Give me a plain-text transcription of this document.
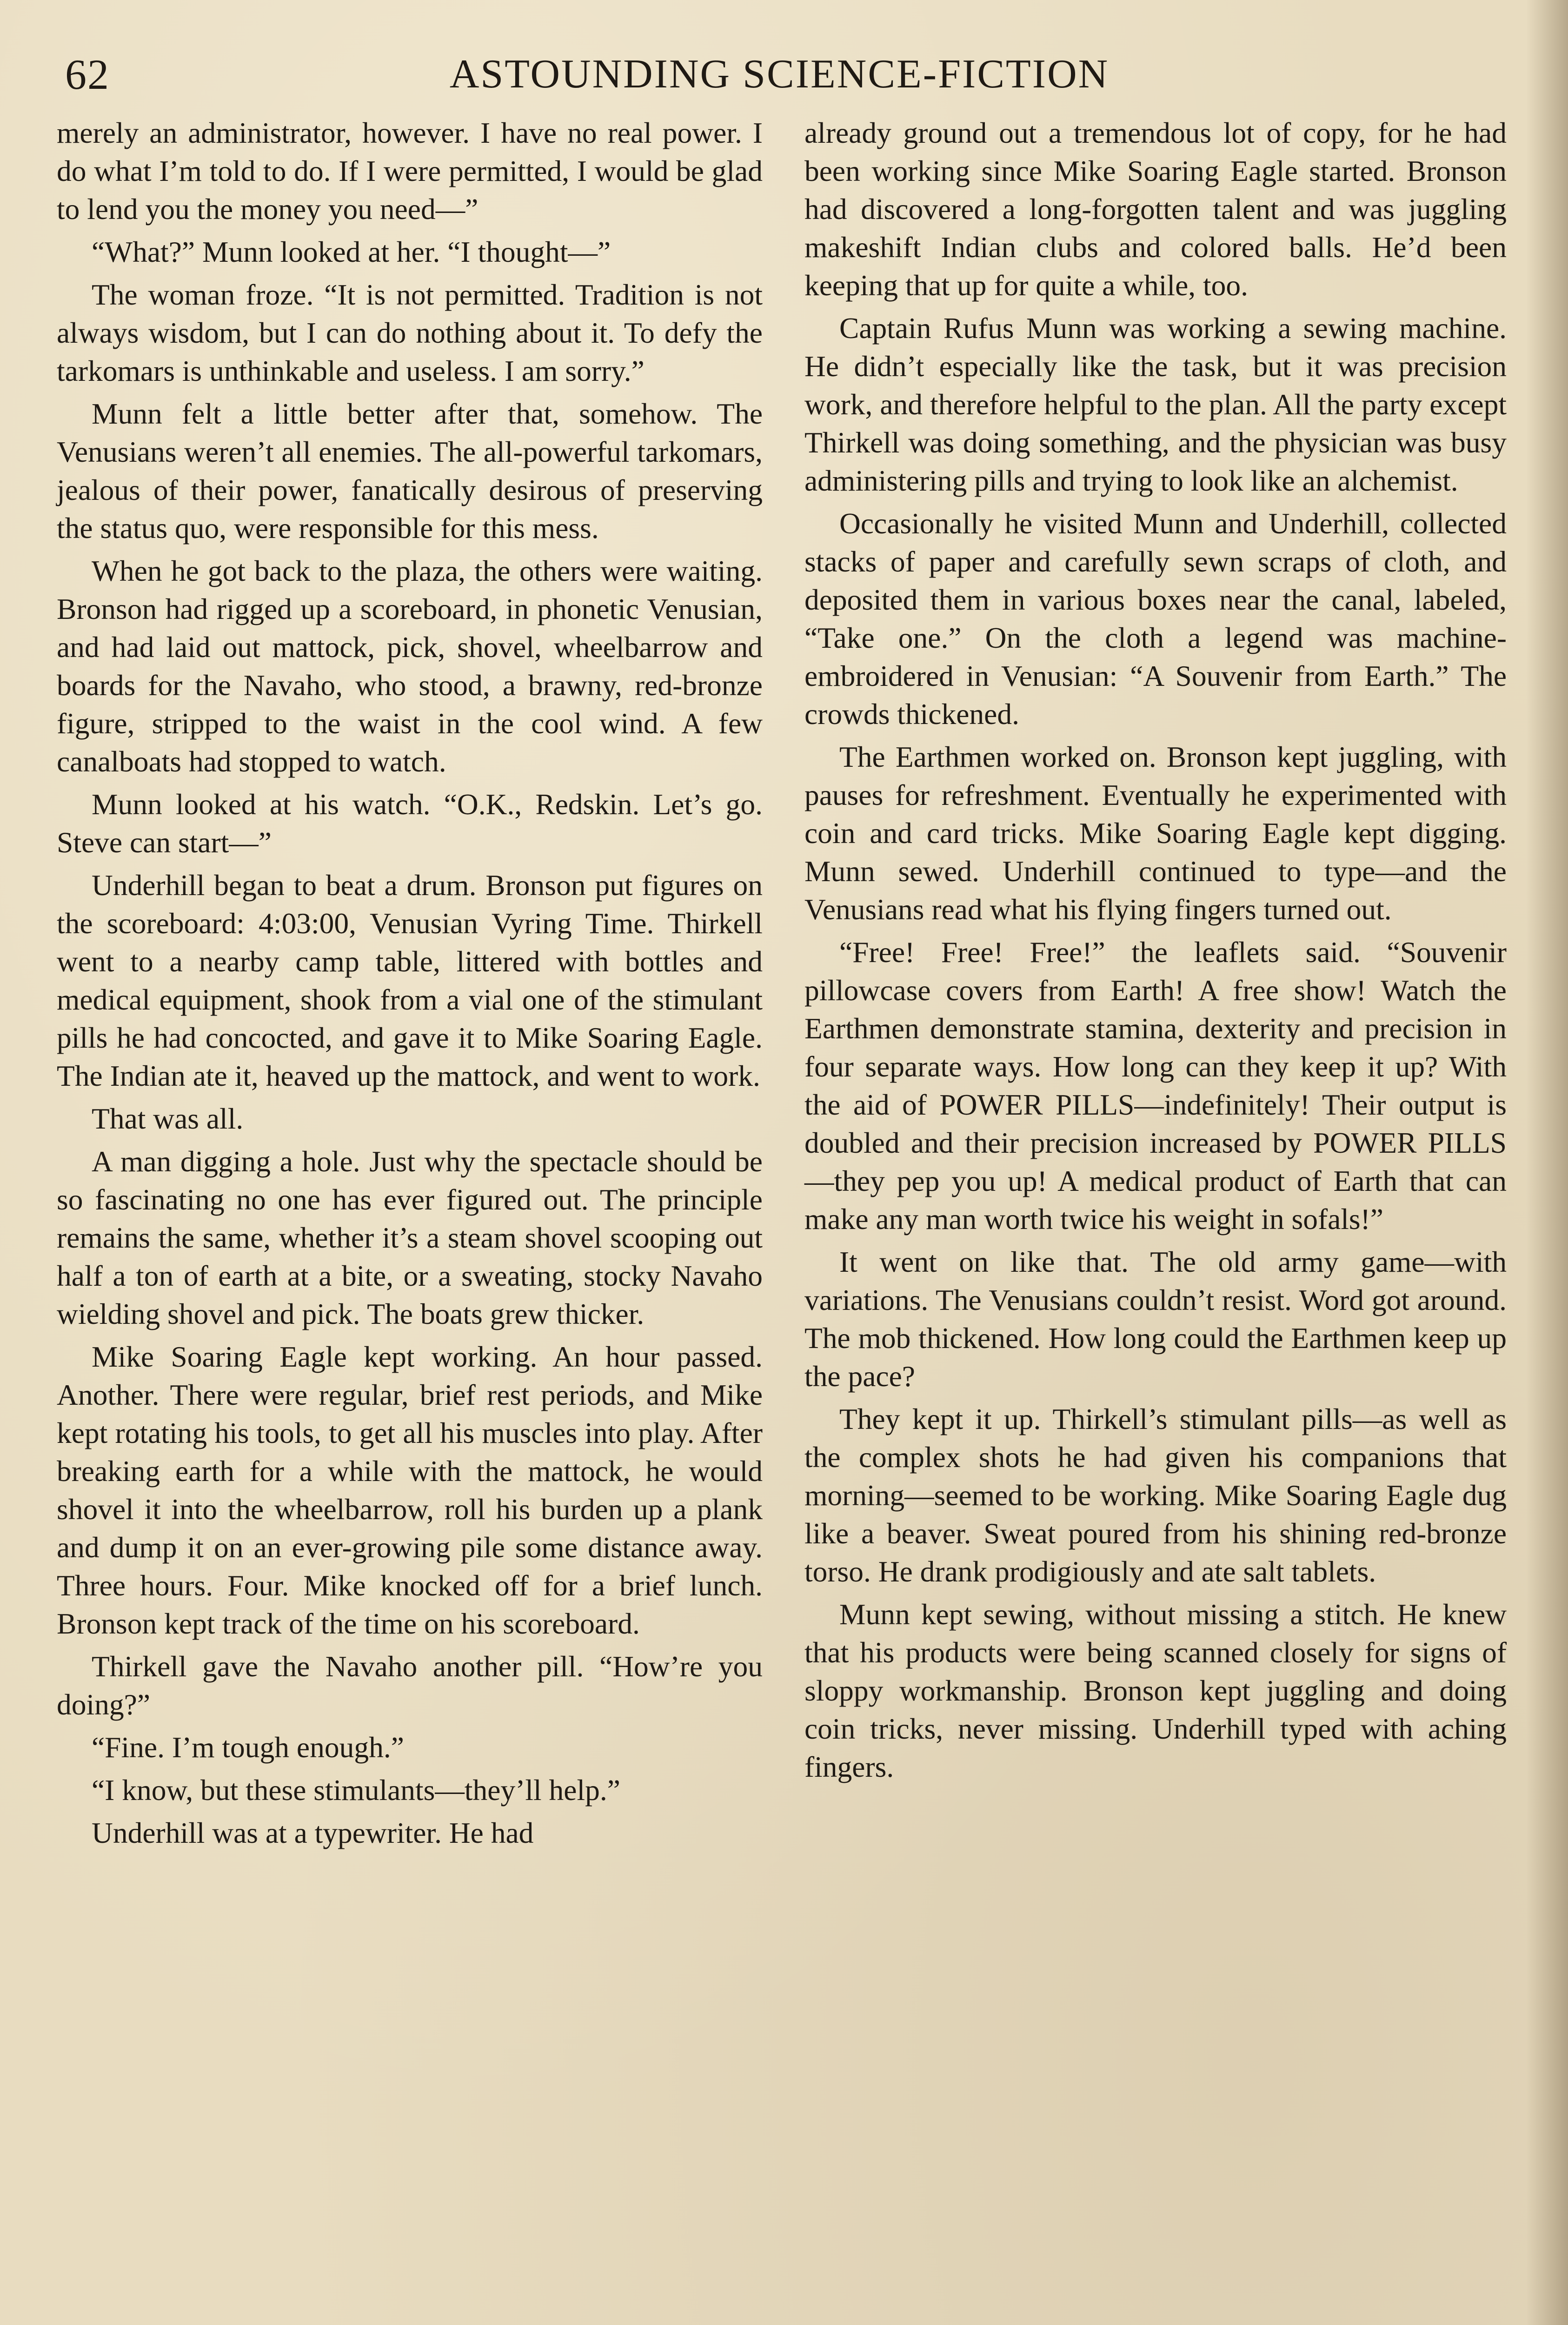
62	ASTOUNDING SCIENCE-FICTION

merely an administrator, however. I have no real power. I do what I’m told to do. If I were permitted, I would be glad to lend you the money you need—”

“What?” Munn looked at her. “I thought—”

The woman froze. “It is not permitted. Tradition is not always wisdom, but I can do nothing about it. To defy the tarkomars is unthinkable and useless. I am sorry.”

Munn felt a little better after that, somehow. The Venusians weren’t all enemies. The all-powerful tarkomars, jealous of their power, fanatically desirous of preserving the status quo, were responsible for this mess.

When he got back to the plaza, the others were waiting. Bronson had rigged up a scoreboard, in phonetic Venusian, and had laid out mattock, pick, shovel, wheelbarrow and boards for the Navaho, who stood, a brawny, red-bronze figure, stripped to the waist in the cool wind. A few canalboats had stopped to watch.

Munn looked at his watch. “O.K., Redskin. Let’s go. Steve can start—”

Underhill began to beat a drum. Bronson put figures on the scoreboard: 4:03:00, Venusian Vyring Time. Thirkell went to a nearby camp table, littered with bottles and medical equipment, shook from a vial one of the stimulant pills he had concocted, and gave it to Mike Soaring Eagle. The Indian ate it, heaved up the mattock, and went to work.

That was all.

A man digging a hole. Just why the spectacle should be so fascinating no one has ever figured out. The principle remains the same, whether it’s a steam shovel scooping out half a ton of earth at a bite, or a sweating, stocky Navaho wielding shovel and pick. The boats grew thicker.

Mike Soaring Eagle kept working. An hour passed. Another. There were regular, brief rest periods, and Mike kept rotating his tools, to get all his muscles into play. After breaking earth for a while with the mattock, he would shovel it into the wheelbarrow, roll his burden up a plank and dump it on an ever-growing pile some distance away. Three hours. Four. Mike knocked off for a brief lunch. Bronson kept track of the time on his scoreboard.

Thirkell gave the Navaho another pill. “How’re you doing?”

“Fine. I’m tough enough.”

“I know, but these stimulants—they’ll help.”

Underhill was at a typewriter. He had

already ground out a tremendous lot of copy, for he had been working since Mike Soaring Eagle started. Bronson had discovered a long-forgotten talent and was juggling makeshift Indian clubs and colored balls. He’d been keeping that up for quite a while, too.

Captain Rufus Munn was working a sewing machine. He didn’t especially like the task, but it was precision work, and therefore helpful to the plan. All the party except Thirkell was doing something, and the physician was busy administering pills and trying to look like an alchemist.

Occasionally he visited Munn and Underhill, collected stacks of paper and carefully sewn scraps of cloth, and deposited them in various boxes near the canal, labeled, “Take one.” On the cloth a legend was machine-embroidered in Venusian: “A Souvenir from Earth.” The crowds thickened.

The Earthmen worked on. Bronson kept juggling, with pauses for refreshment. Eventually he experimented with coin and card tricks. Mike Soaring Eagle kept digging. Munn sewed. Underhill continued to type—and the Venusians read what his flying fingers turned out.

“Free! Free! Free!” the leaflets said. “Souvenir pillowcase covers from Earth! A free show! Watch the Earthmen demonstrate stamina, dexterity and precision in four separate ways. How long can they keep it up? With the aid of POWER PILLS—indefinitely! Their output is doubled and their precision increased by POWER PILLS—they pep you up! A medical product of Earth that can make any man worth twice his weight in sofals!”

It went on like that. The old army game—with variations. The Venusians couldn’t resist. Word got around. The mob thickened. How long could the Earthmen keep up the pace?

They kept it up. Thirkell’s stimulant pills—as well as the complex shots he had given his companions that morning—seemed to be working. Mike Soaring Eagle dug like a beaver. Sweat poured from his shining red-bronze torso. He drank prodigiously and ate salt tablets.

Munn kept sewing, without missing a stitch. He knew that his products were being scanned closely for signs of sloppy workmanship. Bronson kept juggling and doing coin tricks, never missing. Underhill typed with aching fingers.
